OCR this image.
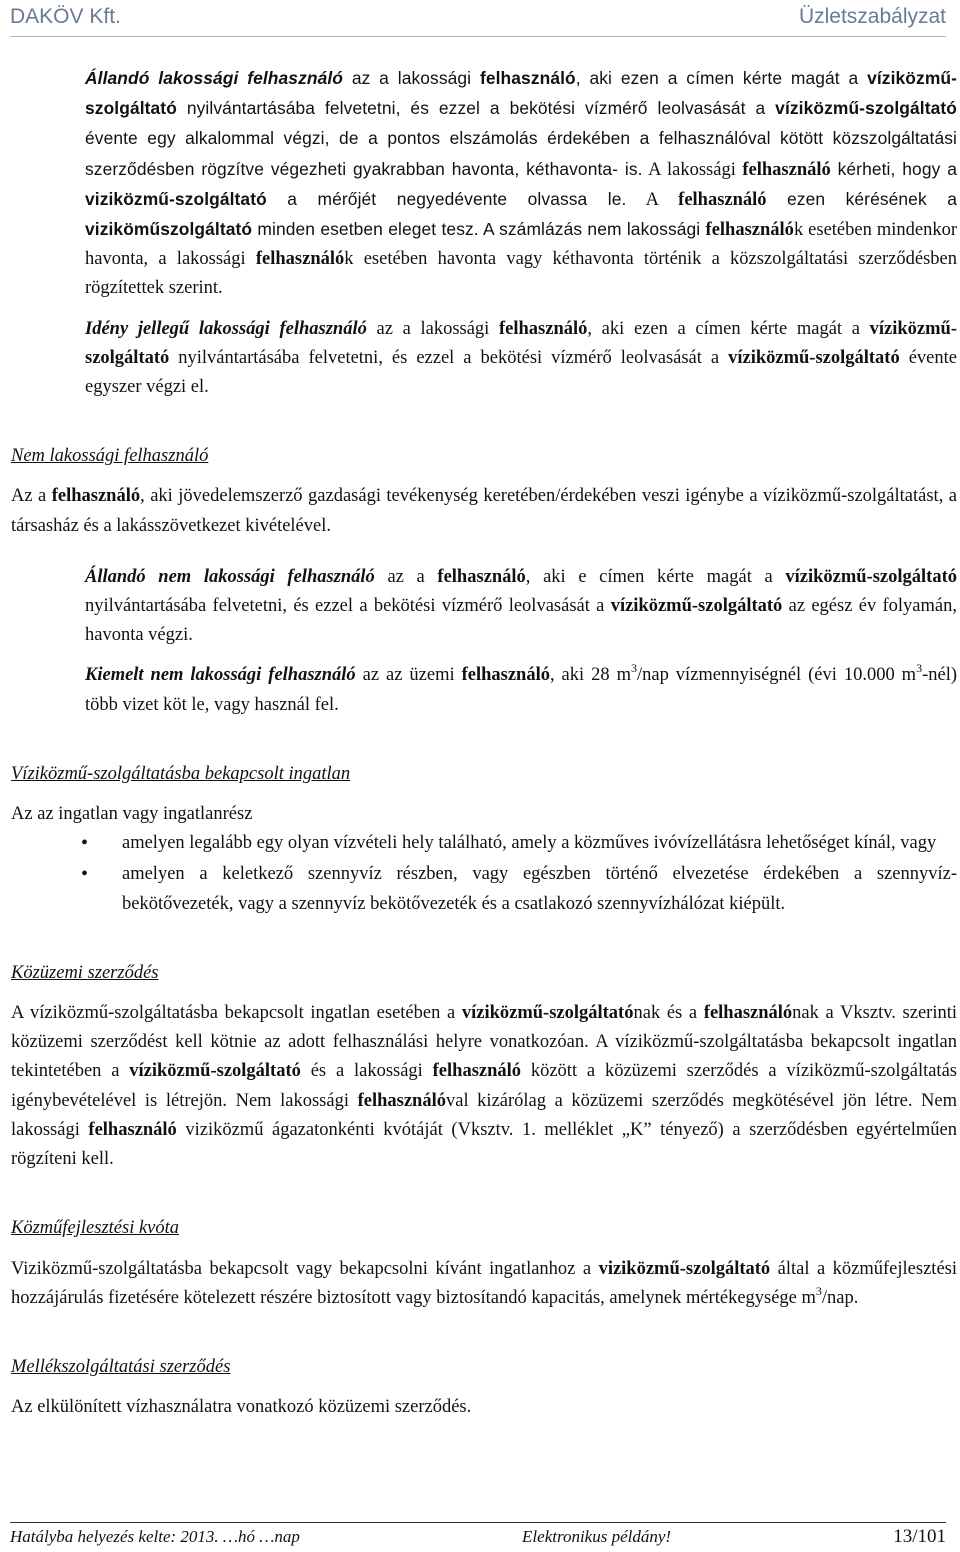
DAKÖV Kft.	Üzletszabályzat

Állandó lakossági felhasználó az a lakossági felhasználó, aki ezen a címen kérte magát a víziközmű-szolgáltató nyilvántartásába felvetetni, és ezzel a bekötési vízmérő leolvasását a víziközmű-szolgáltató évente egy alkalommal végzi, de a pontos elszámolás érdekében a felhasználóval kötött közszolgáltatási szerződésben rögzítve végezheti gyakrabban havonta, kéthavonta- is. A lakossági felhasználó kérheti, hogy a viziközmű-szolgáltató a mérőjét negyedévente olvassa le. A felhasználó ezen kérésének a viziköműszolgáltató minden esetben eleget tesz. A számlázás nem lakossági felhasználók esetében mindenkor havonta, a lakossági felhasználók esetében havonta vagy kéthavonta történik a közszolgáltatási szerződésben rögzítettek szerint.

Idény jellegű lakossági felhasználó az a lakossági felhasználó, aki ezen a címen kérte magát a víziközmű-szolgáltató nyilvántartásába felvetetni, és ezzel a bekötési vízmérő leolvasását a víziközmű-szolgáltató évente egyszer végzi el.

Nem lakossági felhasználó

Az a felhasználó, aki jövedelemszerző gazdasági tevékenység keretében/érdekében veszi igénybe a víziközmű-szolgáltatást, a társasház és a lakásszövetkezet kivételével.

Állandó nem lakossági felhasználó az a felhasználó, aki e címen kérte magát a víziközmű-szolgáltató nyilvántartásába felvetetni, és ezzel a bekötési vízmérő leolvasását a víziközmű-szolgáltató az egész év folyamán, havonta végzi.

Kiemelt nem lakossági felhasználó az az üzemi felhasználó, aki 28 $m^3$/nap vízmennyiségnél (évi 10.000 $m^3-nél$) több vizet köt le, vagy használ fel.

Víziközmű-szolgáltatásba bekapcsolt ingatlan

Az az ingatlan vagy ingatlanrész

• amelyen legalább egy olyan vízvételi hely található, amely a közműves ivóvízellátásra lehetőséget kínál, vagy
• amelyen a keletkező szennyvíz részben, vagy egészben történő elvezetése érdekében a szennyvíz-bekötővezeték, vagy a szennyvíz bekötővezeték és a csatlakozó szennyvízhálózat kiépült.

Közüzemi szerződés

A víziközmű-szolgáltatásba bekapcsolt ingatlan esetében a víziközmű-szolgáltatónak és a felhasználónak a Vksztv. szerinti közüzemi szerződést kell kötnie az adott felhasználási helyre vonatkozóan. A víziközmű-szolgáltatásba bekapcsolt ingatlan tekintetében a víziközmű-szolgáltató és a lakossági felhasználó között a közüzemi szerződés a víziközmű-szolgáltatás igénybevételével is létrejön. Nem lakossági felhasználóval kizárólag a közüzemi szerződés megkötésével jön létre. Nem lakossági felhasználó viziközmű ágazatonkénti kvótáját (Vksztv. 1. melléklet „K” tényező) a szerződésben egyértelműen rögzíteni kell.

Közműfejlesztési kvóta

Viziközmű-szolgáltatásba bekapcsolt vagy bekapcsolni kívánt ingatlanhoz a viziközmű-szolgáltató által a közműfejlesztési hozzájárulás fizetésére kötelezett részére biztosított vagy biztosítandó kapacitás, amelynek mértékegysége $m^3$/nap.

Mellékszolgáltatási szerződés

Az elkülönített vízhasználatra vonatkozó közüzemi szerződés.

Hatályba helyezés kelte: 2013. …hó …nap	Elektronikus példány!	13/101
